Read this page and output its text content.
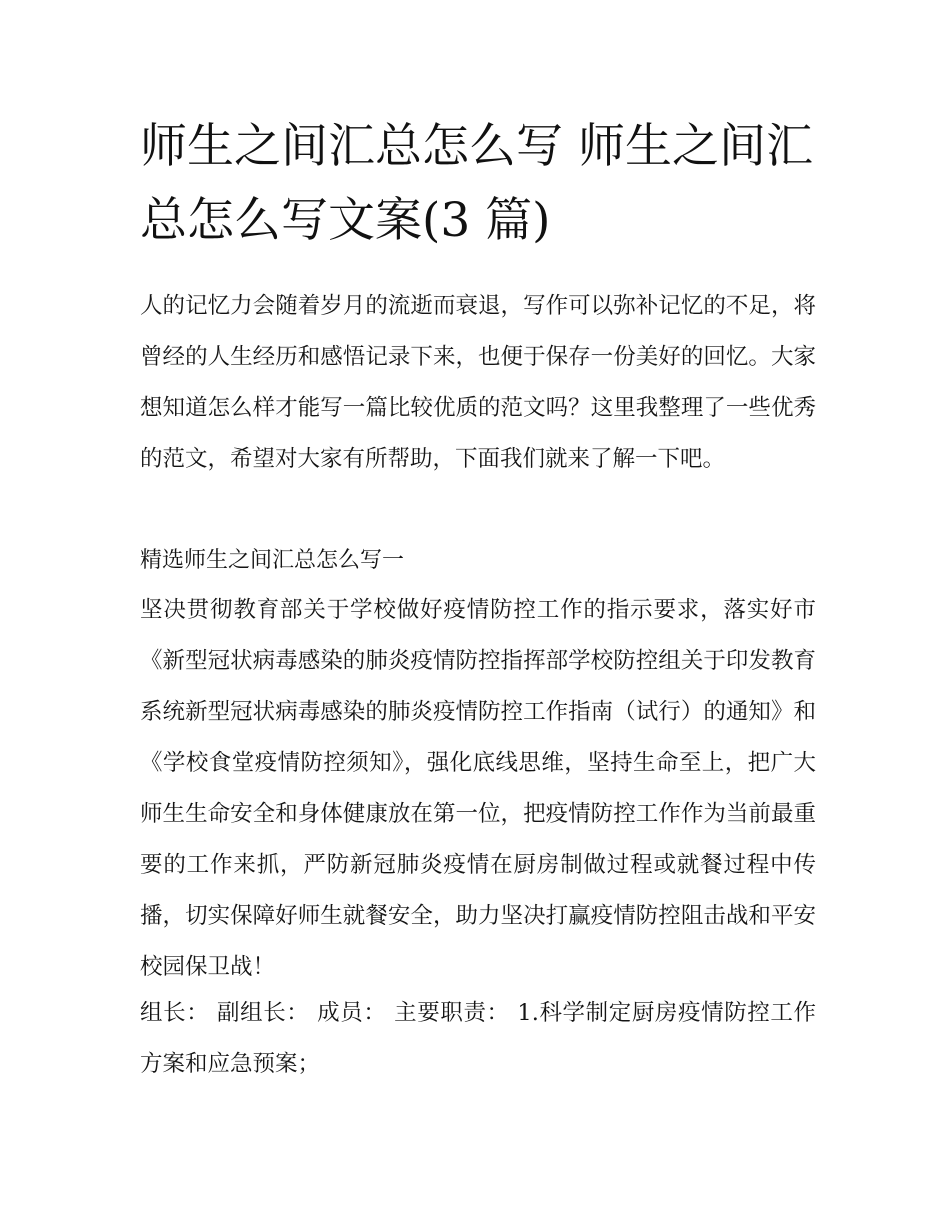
师生之间汇总怎么写 师生之间汇总怎么写文案(3 篇)

人的记忆力会随着岁月的流逝而衰退，写作可以弥补记忆的不足，将曾经的人生经历和感悟记录下来，也便于保存一份美好的回忆。大家想知道怎么样才能写一篇比较优质的范文吗？这里我整理了一些优秀的范文，希望对大家有所帮助，下面我们就来了解一下吧。

精选师生之间汇总怎么写一

坚决贯彻教育部关于学校做好疫情防控工作的指示要求，落实好市《新型冠状病毒感染的肺炎疫情防控指挥部学校防控组关于印发教育系统新型冠状病毒感染的肺炎疫情防控工作指南（试行）的通知》和《学校食堂疫情防控须知》，强化底线思维，坚持生命至上，把广大师生生命安全和身体健康放在第一位，把疫情防控工作作为当前最重要的工作来抓，严防新冠肺炎疫情在厨房制做过程或就餐过程中传播，切实保障好师生就餐安全，助力坚决打赢疫情防控阻击战和平安校园保卫战！

组长： 副组长： 成员： 主要职责： 1.科学制定厨房疫情防控工作方案和应急预案；
